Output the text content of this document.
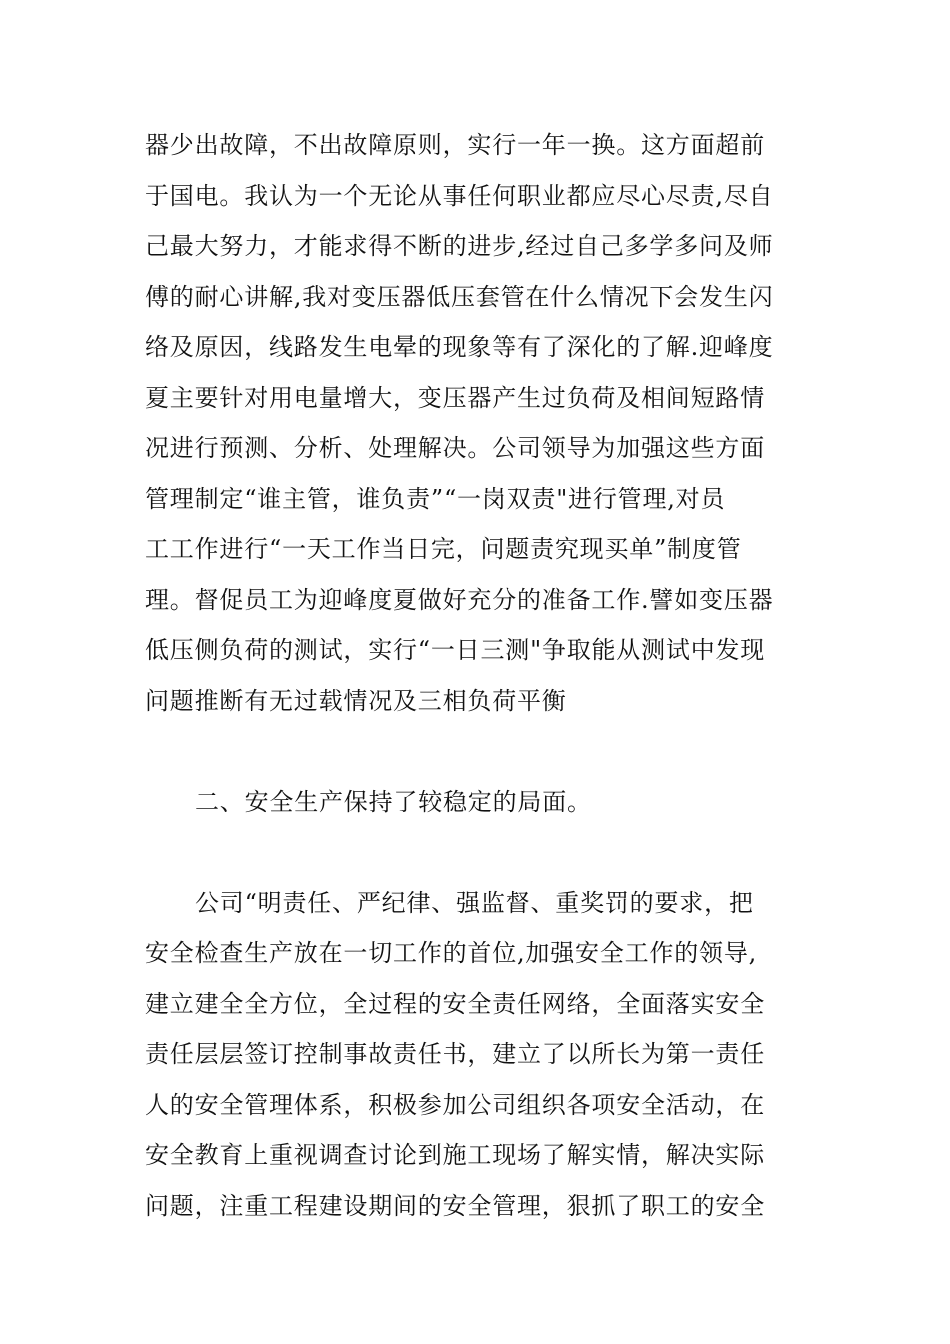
器少出故障，不出故障原则，实行一年一换。这方面超前
于国电。我认为一个无论从事任何职业都应尽心尽责,尽自
己最大努力，才能求得不断的进步,经过自己多学多问及师
傅的耐心讲解,我对变压器低压套管在什么情况下会发生闪
络及原因，线路发生电晕的现象等有了深化的了解.迎峰度
夏主要针对用电量增大，变压器产生过负荷及相间短路情
况进行预测、分析、处理解决。公司领导为加强这些方面
管理制定“谁主管，谁负责”“一岗双责"进行管理,对员
工工作进行“一天工作当日完，问题责究现买单”制度管
理。督促员工为迎峰度夏做好充分的准备工作.譬如变压器
低压侧负荷的测试，实行“一日三测"争取能从测试中发现
问题推断有无过载情况及三相负荷平衡
二、安全生产保持了较稳定的局面。
公司“明责任、严纪律、强监督、重奖罚的要求，把
安全检查生产放在一切工作的首位,加强安全工作的领导,
建立建全全方位，全过程的安全责任网络，全面落实安全
责任层层签订控制事故责任书，建立了以所长为第一责任
人的安全管理体系，积极参加公司组织各项安全活动，在
安全教育上重视调查讨论到施工现场了解实情，解决实际
问题，注重工程建设期间的安全管理，狠抓了职工的安全
